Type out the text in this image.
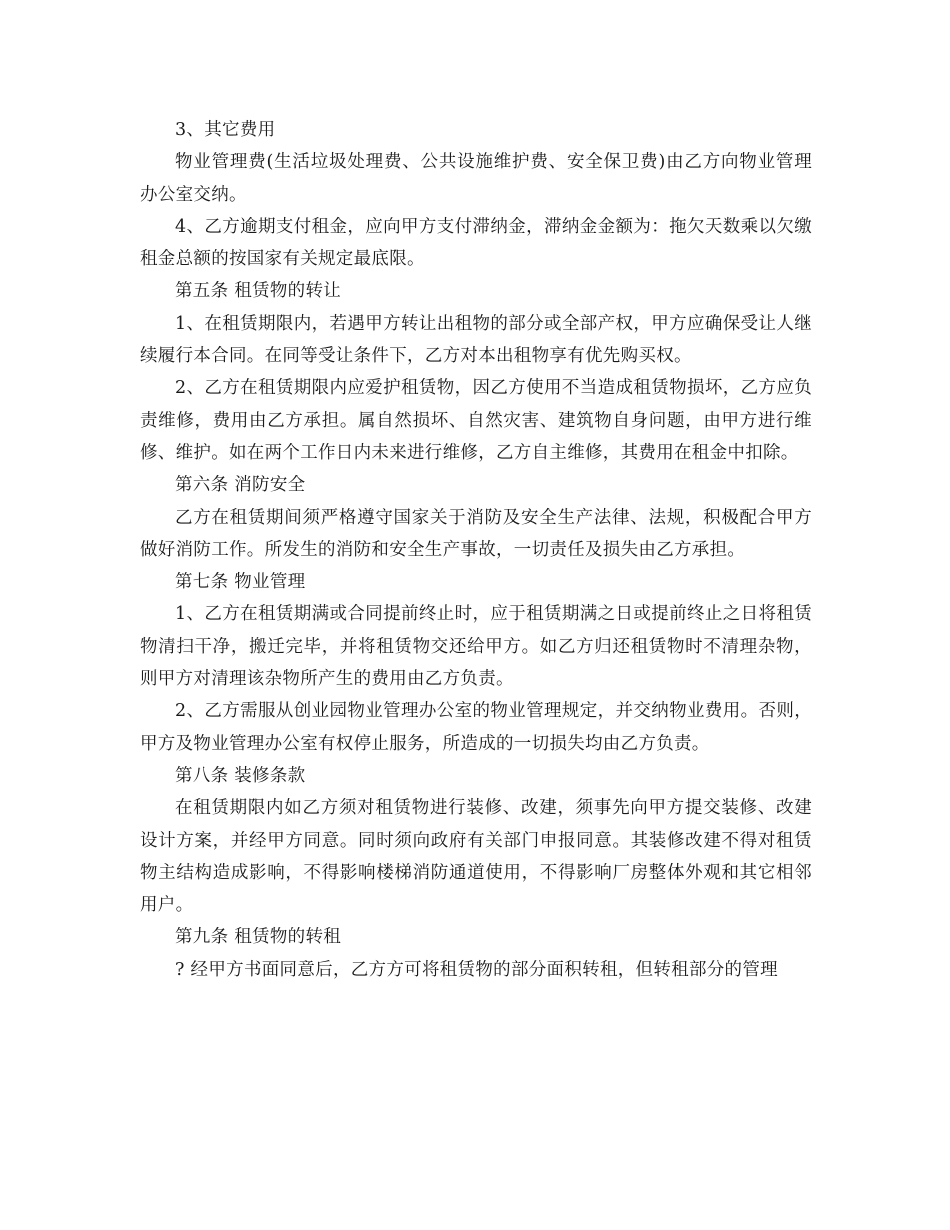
3、其它费用

物业管理费(生活垃圾处理费、公共设施维护费、安全保卫费)由乙方向物业管理办公室交纳。

4、乙方逾期支付租金，应向甲方支付滞纳金，滞纳金金额为：拖欠天数乘以欠缴租金总额的按国家有关规定最底限。

第五条 租赁物的转让

1、在租赁期限内，若遇甲方转让出租物的部分或全部产权，甲方应确保受让人继续履行本合同。在同等受让条件下，乙方对本出租物享有优先购买权。

2、乙方在租赁期限内应爱护租赁物，因乙方使用不当造成租赁物损坏，乙方应负责维修，费用由乙方承担。属自然损坏、自然灾害、建筑物自身问题，由甲方进行维修、维护。如在两个工作日内未来进行维修，乙方自主维修，其费用在租金中扣除。

第六条 消防安全

乙方在租赁期间须严格遵守国家关于消防及安全生产法律、法规，积极配合甲方做好消防工作。所发生的消防和安全生产事故，一切责任及损失由乙方承担。

第七条 物业管理

1、乙方在租赁期满或合同提前终止时，应于租赁期满之日或提前终止之日将租赁物清扫干净，搬迁完毕，并将租赁物交还给甲方。如乙方归还租赁物时不清理杂物，则甲方对清理该杂物所产生的费用由乙方负责。

2、乙方需服从创业园物业管理办公室的物业管理规定，并交纳物业费用。否则，甲方及物业管理办公室有权停止服务，所造成的一切损失均由乙方负责。

第八条 装修条款

在租赁期限内如乙方须对租赁物进行装修、改建，须事先向甲方提交装修、改建设计方案，并经甲方同意。同时须向政府有关部门申报同意。其装修改建不得对租赁物主结构造成影响，不得影响楼梯消防通道使用，不得影响厂房整体外观和其它相邻用户。

第九条 租赁物的转租

? 经甲方书面同意后，乙方方可将租赁物的部分面积转租，但转租部分的管理
